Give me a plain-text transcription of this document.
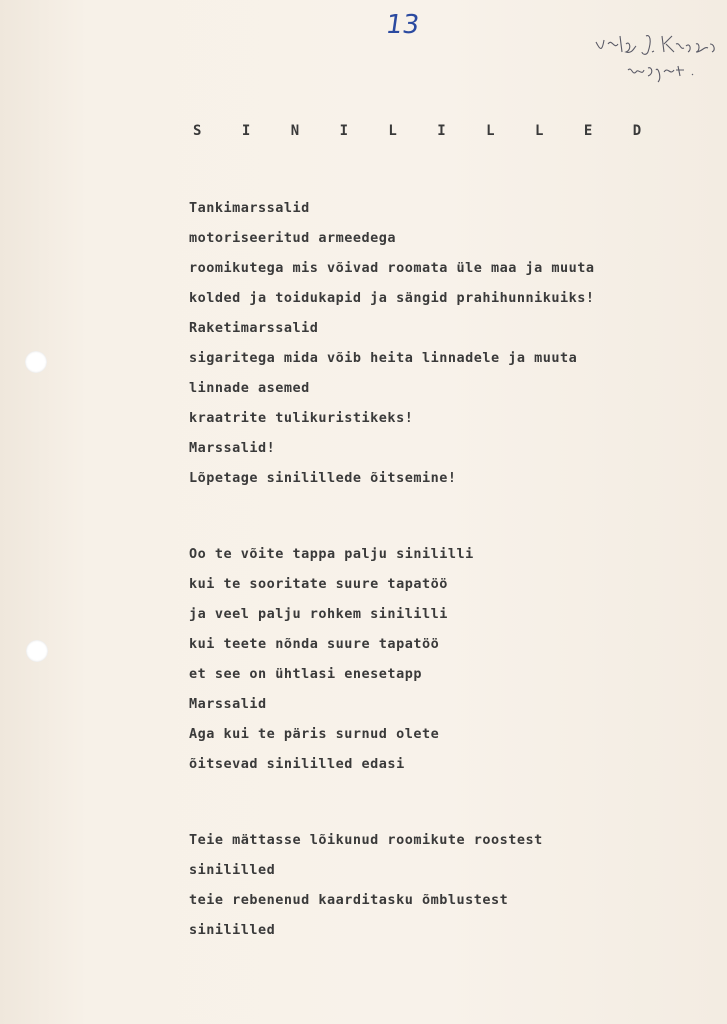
13
S I N I L I L L E D
Tankimarssalid
motoriseeritud armeedega
roomikutega mis võivad roomata üle maa ja muuta
kolded ja toidukapid ja sängid prahihunnikuiks!
Raketimarssalid
sigaritega mida võib heita linnadele ja muuta
linnade asemed
kraatrite tulikuristikeks!
Marssalid!
Lõpetage sinilillede õitsemine!
Oo te võite tappa palju sinililli
kui te sooritate suure tapatöö
ja veel palju rohkem sinililli
kui teete nõnda suure tapatöö
et see on ühtlasi enesetapp
Marssalid
Aga kui te päris surnud olete
õitsevad sinililled edasi
Teie mättasse lõikunud roomikute roostest
sinililled
teie rebenenud kaarditasku õmblustest
sinililled
